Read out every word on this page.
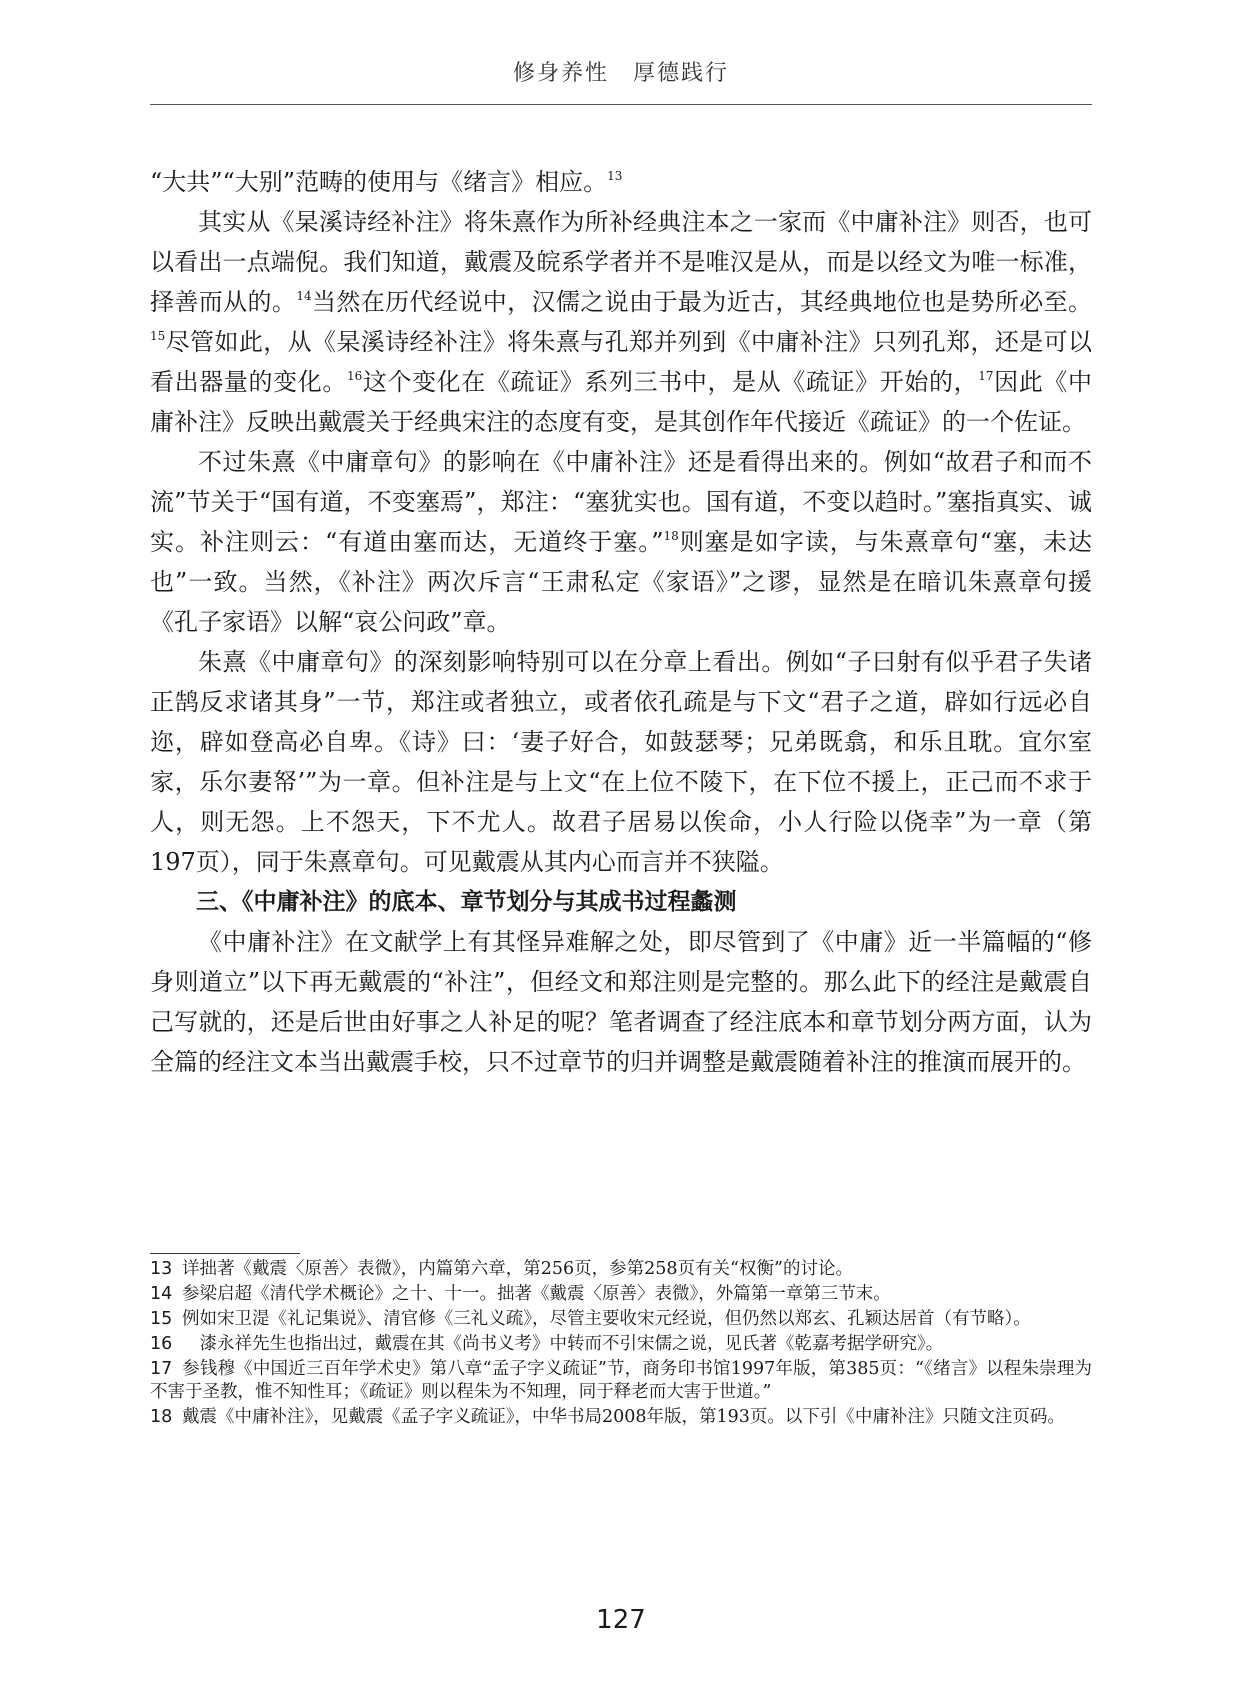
修身养性　厚德践行

“大共”“大别”范畴的使用与《绪言》相应。$^{13}$

其实从《杲溪诗经补注》将朱熹作为所补经典注本之一家而《中庸补注》则否，也可以看出一点端倪。我们知道，戴震及皖系学者并不是唯汉是从，而是以经文为唯一标准，择善而从的。$^{14}$当然在历代经说中，汉儒之说由于最为近古，其经典地位也是势所必至。$^{15}$尽管如此，从《杲溪诗经补注》将朱熹与孔郑并列到《中庸补注》只列孔郑，还是可以看出器量的变化。$^{16}$这个变化在《疏证》系列三书中，是从《疏证》开始的，$^{17}$因此《中庸补注》反映出戴震关于经典宋注的态度有变，是其创作年代接近《疏证》的一个佐证。

不过朱熹《中庸章句》的影响在《中庸补注》还是看得出来的。例如“故君子和而不流”节关于“国有道，不变塞焉”，郑注：“塞犹实也。国有道，不变以趋时。”塞指真实、诚实。补注则云：“有道由塞而达，无道终于塞。”$^{18}$则塞是如字读，与朱熹章句“塞，未达也”一致。当然，《补注》两次斥言“王肃私定《家语》”之谬，显然是在暗讥朱熹章句援《孔子家语》以解“哀公问政”章。

朱熹《中庸章句》的深刻影响特别可以在分章上看出。例如“子曰射有似乎君子失诸正鹄反求诸其身”一节，郑注或者独立，或者依孔疏是与下文“君子之道，辟如行远必自迩，辟如登高必自卑。《诗》曰：‘妻子好合，如鼓瑟琴；兄弟既翕，和乐且耽。宜尔室家，乐尔妻帑’”为一章。但补注是与上文“在上位不陵下，在下位不援上，正己而不求于人，则无怨。上不怨天，下不尤人。故君子居易以俟命，小人行险以侥幸”为一章（第197页），同于朱熹章句。可见戴震从其内心而言并不狭隘。

三、《中庸补注》的底本、章节划分与其成书过程蠡测

《中庸补注》在文献学上有其怪异难解之处，即尽管到了《中庸》近一半篇幅的“修身则道立”以下再无戴震的“补注”，但经文和郑注则是完整的。那么此下的经注是戴震自己写就的，还是后世由好事之人补足的呢？笔者调查了经注底本和章节划分两方面，认为全篇的经注文本当出戴震手校，只不过章节的归并调整是戴震随着补注的推演而展开的。

13 详拙著《戴震〈原善〉表微》，内篇第六章，第256页，参第258页有关“权衡”的讨论。

14 参梁启超《清代学术概论》之十、十一。拙著《戴震〈原善〉表微》，外篇第一章第三节末。

15 例如宋卫湜《礼记集说》、清官修《三礼义疏》，尽管主要收宋元经说，但仍然以郑玄、孔颖达居首（有节略）。

16　漆永祥先生也指出过，戴震在其《尚书义考》中转而不引宋儒之说，见氏著《乾嘉考据学研究》。

17 参钱穆《中国近三百年学术史》第八章“孟子字义疏证”节，商务印书馆1997年版，第385页：“《绪言》以程朱崇理为不害于圣教，惟不知性耳；《疏证》则以程朱为不知理，同于释老而大害于世道。”

18 戴震《中庸补注》，见戴震《孟子字义疏证》，中华书局2008年版，第193页。以下引《中庸补注》只随文注页码。

127
